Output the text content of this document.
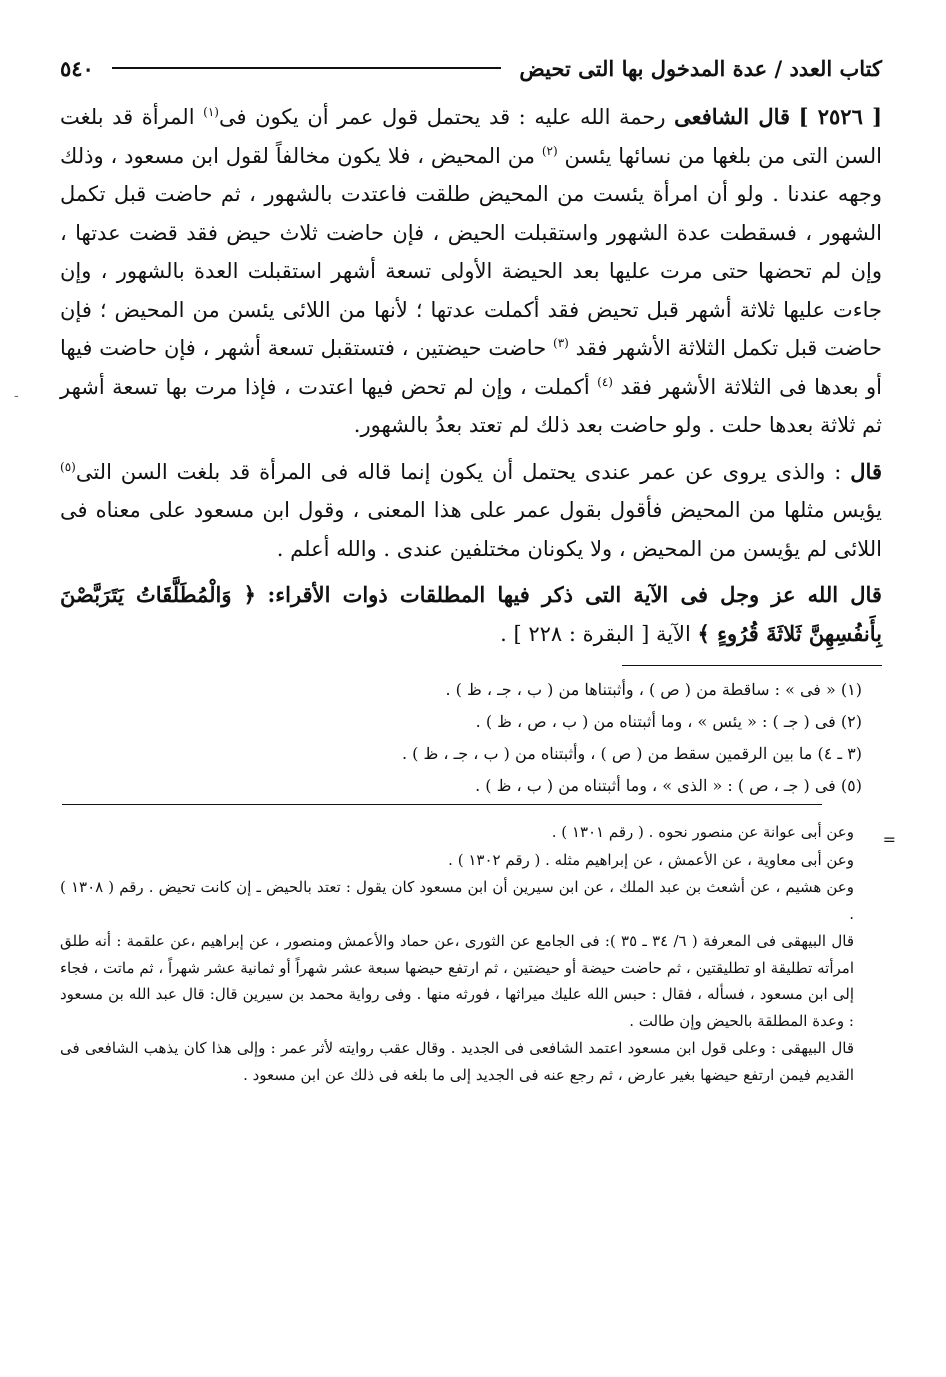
-
كتاب العدد / عدة المدخول بها التى تحيض
٥٤٠

[ ٢٥٢٦ ] قال الشافعى رحمة الله عليه : قد يحتمل قول عمر أن يكون فى$^{(١)}$ المرأة قد بلغت السن التى من بلغها من نسائها يئسن $^{(٢)}$ من المحيض ، فلا يكون مخالفاً لقول ابن مسعود ، وذلك وجهه عندنا . ولو أن امرأة يئست من المحيض طلقت فاعتدت بالشهور ، ثم حاضت قبل تكمل الشهور ، فسقطت عدة الشهور واستقبلت الحيض ، فإن حاضت ثلاث حيض فقد قضت عدتها ، وإن لم تحضها حتى مرت عليها بعد الحيضة الأولى تسعة أشهر استقبلت العدة بالشهور ، وإن جاءت عليها ثلاثة أشهر قبل تحيض فقد أكملت عدتها ؛ لأنها من اللائى يئسن من المحيض ؛ فإن حاضت قبل تكمل الثلاثة الأشهر فقد $^{(٣)}$ حاضت حيضتين ، فتستقبل تسعة أشهر ، فإن حاضت فيها أو بعدها فى الثلاثة الأشهر فقد $^{(٤)}$ أكملت ، وإن لم تحض فيها اعتدت ، فإذا مرت بها تسعة أشهر ثم ثلاثة بعدها حلت . ولو حاضت بعد ذلك لم تعتد بعدُ بالشهور.

قال : والذى يروى عن عمر عندى يحتمل أن يكون إنما قاله فى المرأة قد بلغت السن التى$^{(٥)}$ يؤيس مثلها من المحيض فأقول بقول عمر على هذا المعنى ، وقول ابن مسعود على معناه فى اللائى لم يؤيسن من المحيض ، ولا يكونان مختلفين عندى . والله أعلم .

قال الله عز وجل فى الآية التى ذكر فيها المطلقات ذوات الأقراء: ﴿ وَالْمُطَلَّقَاتُ يَتَرَبَّصْنَ بِأَنفُسِهِنَّ ثَلاثَةَ قُرُوءٍ ﴾ الآية [ البقرة : ٢٢٨ ] .

(١) « فى » : ساقطة من ( ص ) ، وأثبتناها من ( ب ، جـ ، ظ ) .
(٢) فى ( جـ ) : « يئس » ، وما أثبتناه من ( ب ، ص ، ظ ) .
(٣ ـ ٤) ما بين الرقمين سقط من ( ص ) ، وأثبتناه من ( ب ، جـ ، ظ ) .
(٥) فى ( جـ ، ص ) : « الذى » ، وما أثبتناه من ( ب ، ظ ) .
=

وعن أبى عوانة عن منصور نحوه . ( رقم ١٣٠١ ) .

وعن أبى معاوية ، عن الأعمش ، عن إبراهيم مثله . ( رقم ١٣٠٢ ) .

وعن هشيم ، عن أشعث بن عبد الملك ، عن ابن سيرين أن ابن مسعود كان يقول : تعتد بالحيض ـ إن كانت تحيض . رقم ( ١٣٠٨ ) .

قال البيهقى فى المعرفة ( ٦/ ٣٤ ـ ٣٥ ): فى الجامع عن الثورى ،عن حماد والأعمش ومنصور ، عن إبراهيم ،عن علقمة : أنه طلق امرأته تطليقة او تطليقتين ، ثم حاضت حيضة أو حيضتين ، ثم ارتفع حيضها سبعة عشر شهراً أو ثمانية عشر شهراً ، ثم ماتت ، فجاء إلى ابن مسعود ، فسأله ، فقال : حبس الله عليك ميراثها ، فورثه منها . وفى رواية محمد بن سيرين قال: قال عبد الله بن مسعود : وعدة المطلقة بالحيض وإن طالت .

قال البيهقى : وعلى قول ابن مسعود اعتمد الشافعى فى الجديد . وقال عقب روايته لأثر عمر : وإلى هذا كان يذهب الشافعى فى القديم فيمن ارتفع حيضها بغير عارض ، ثم رجع عنه فى الجديد إلى ما بلغه فى ذلك عن ابن مسعود .
